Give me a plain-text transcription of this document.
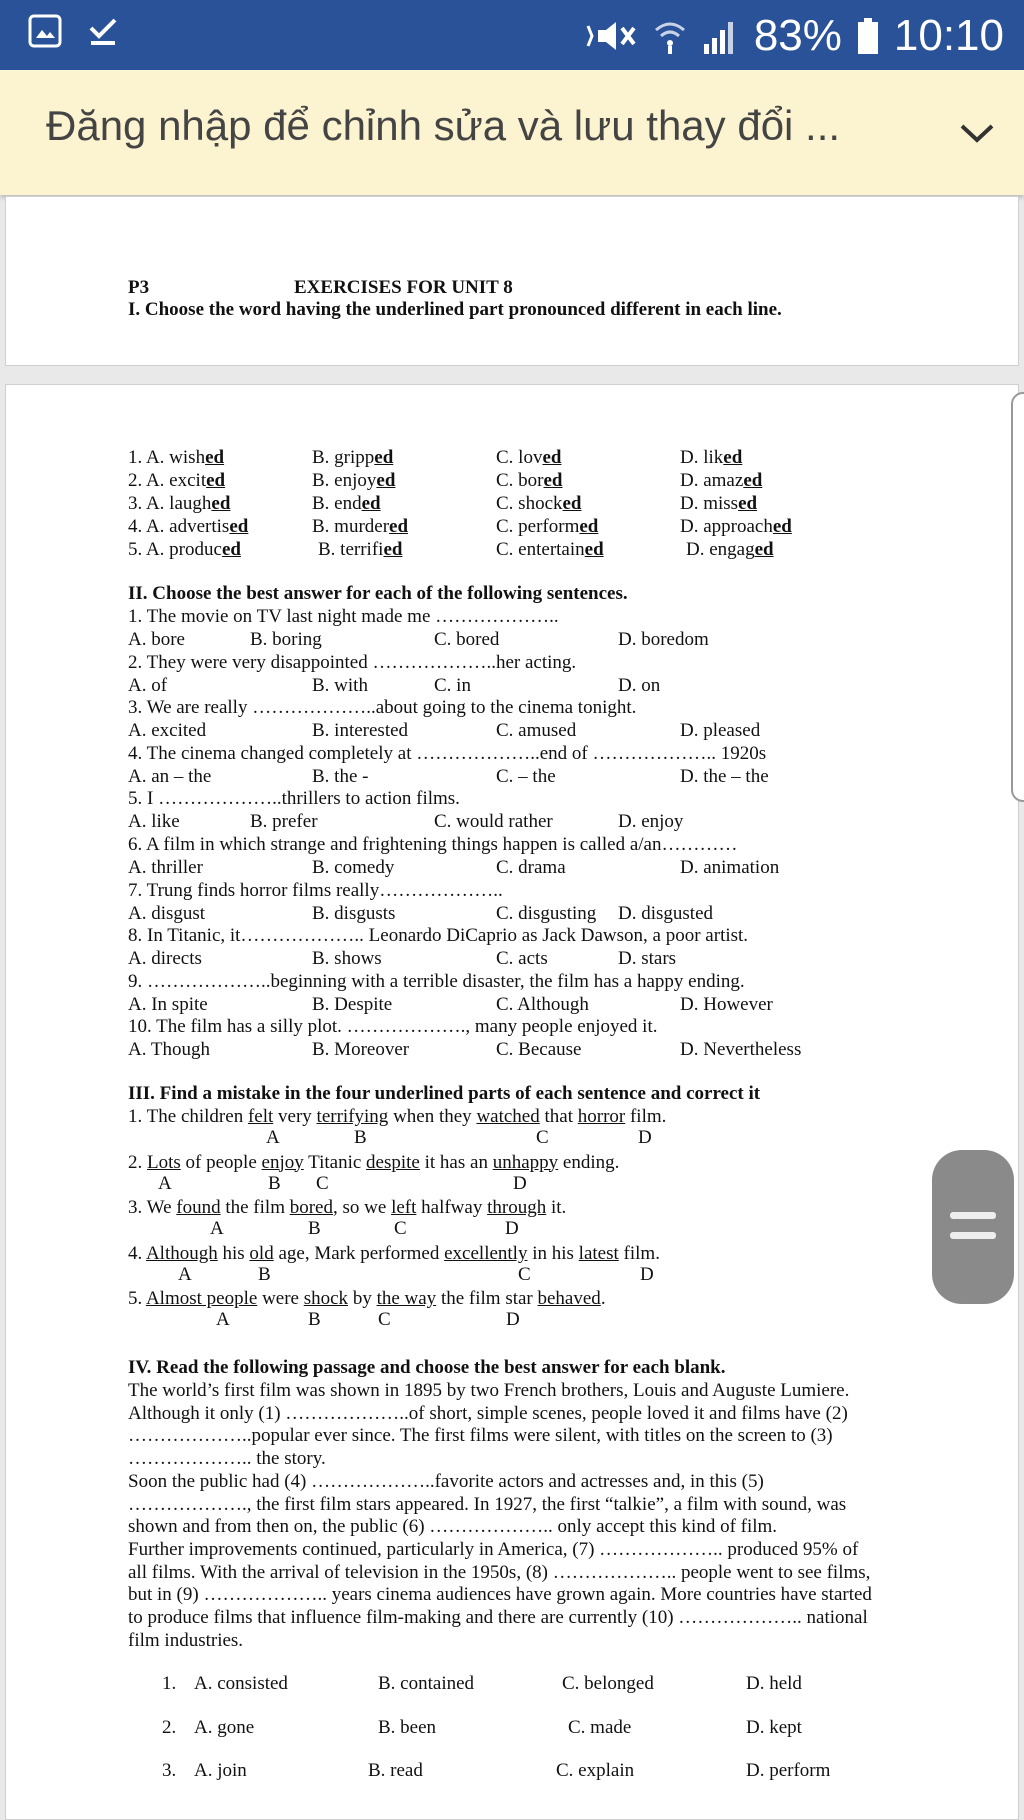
83% 10:10
Đăng nhập để chỉnh sửa và lưu thay đổi ...
P3	EXERCISES FOR UNIT 8
I. Choose the word having the underlined part pronounced different in each line.
1. A. wished	B. gripped	C. loved	D. liked
2. A. excited	B. enjoyed	C. bored	D. amazed
3. A. laughed	B. ended	C. shocked	D. missed
4. A. advertised	B. murdered	C. performed	D. approached
5. A. produced	B. terrified	C. entertained	D. engaged
II. Choose the best answer for each of the following sentences.
1. The movie on TV last night made me ………………..
A. bore	B. boring	C. bored	D. boredom
2. They were very disappointed ………………..her acting.
A. of	B. with	C. in	D. on
3. We are really ………………..about going to the cinema tonight.
A. excited	B. interested	C. amused	D. pleased
4. The cinema changed completely at ………………..end of ……………….. 1920s
A. an – the	B. the -	C. – the	D. the – the
5. I ………………..thrillers to action films.
A. like	B. prefer	C. would rather	D. enjoy
6. A film in which strange and frightening things happen is called a/an…………
A. thriller	B. comedy	C. drama	D. animation
7. Trung finds horror films really………………..
A. disgust	B. disgusts	C. disgusting D. disgusted
8. In Titanic, it……………….. Leonardo DiCaprio as Jack Dawson, a poor artist.
A. directs	B. shows	C. acts	D. stars
9. ………………..beginning with a terrible disaster, the film has a happy ending.
A. In spite	B. Despite	C. Although	D. However
10. The film has a silly plot. ………………., many people enjoyed it.
A. Though	B. Moreover	C. Because	D. Nevertheless
III. Find a mistake in the four underlined parts of each sentence and correct it
1. The children felt very terrifying when they watched that horror film.
A	B	C	D
2. Lots of people enjoy Titanic despite it has an unhappy ending.
A	B C	D
3. We found the film bored, so we left halfway through it.
A	B	C	D
4. Although his old age, Mark performed excellently in his latest film.
A	B	C	D
5. Almost people were shock by the way the film star behaved.
A	B	C	D
IV. Read the following passage and choose the best answer for each blank.
The world’s first film was shown in 1895 by two French brothers, Louis and Auguste Lumiere.
Although it only (1) ………………..of short, simple scenes, people loved it and films have (2)
………………..popular ever since. The first films were silent, with titles on the screen to (3)
……………….. the story.
Soon the public had (4) ………………..favorite actors and actresses and, in this (5)
………………., the first film stars appeared. In 1927, the first “talkie”, a film with sound, was
shown and from then on, the public (6) ……………….. only accept this kind of film.
Further improvements continued, particularly in America, (7) ……………….. produced 95% of
all films. With the arrival of television in the 1950s, (8) ……………….. people went to see films,
but in (9) ……………….. years cinema audiences have grown again. More countries have started
to produce films that influence film-making and there are currently (10) ……………….. national
film industries.
1. A. consisted	B. contained	C. belonged	D. held
2. A. gone	B. been	C. made	D. kept
3. A. join	B. read	C. explain	D. perform
